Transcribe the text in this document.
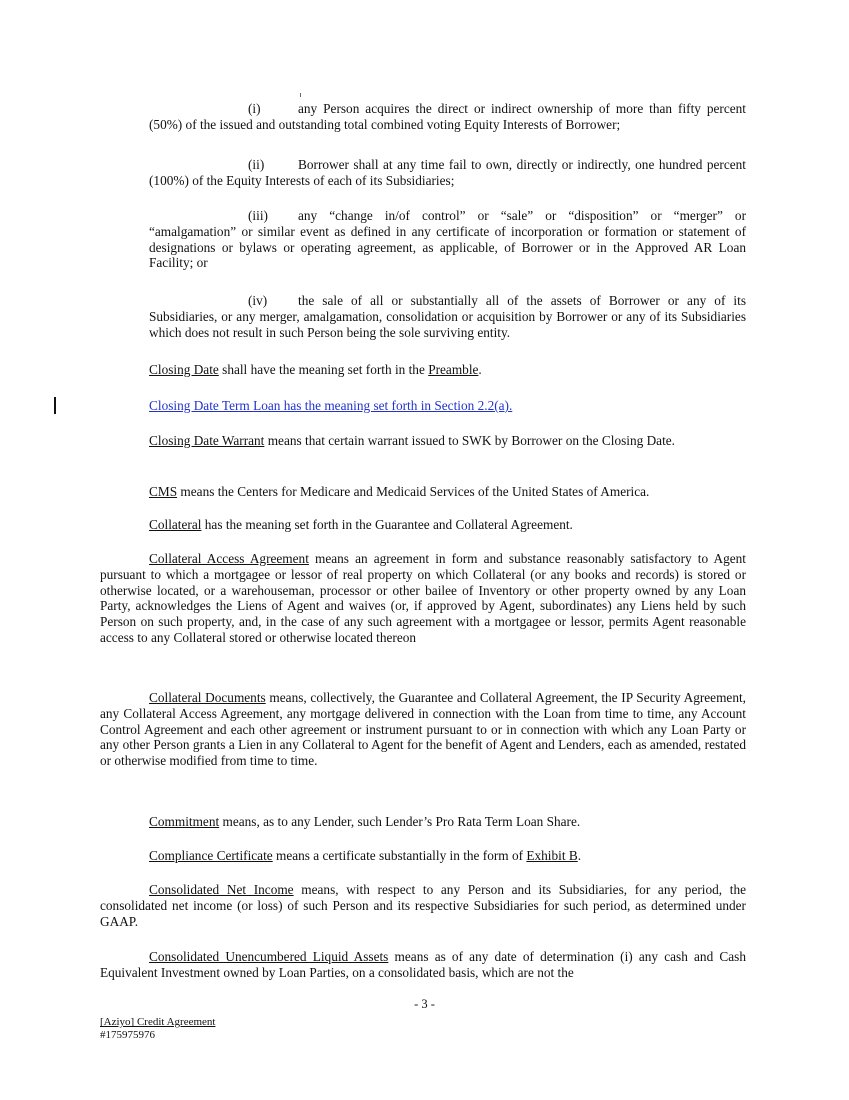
(i)	any Person acquires the direct or indirect ownership of more than fifty percent (50%) of the issued and outstanding total combined voting Equity Interests of Borrower;

(ii)	Borrower shall at any time fail to own, directly or indirectly, one hundred percent (100%) of the Equity Interests of each of its Subsidiaries;

(iii) any “change in/of control” or “sale” or “disposition” or “merger” or “amalgamation” or similar event as defined in any certificate of incorporation or formation or statement of designations or bylaws or operating agreement, as applicable, of Borrower or in the Approved AR Loan Facility; or

(iv) the sale of all or substantially all of the assets of Borrower or any of its Subsidiaries, or any merger, amalgamation, consolidation or acquisition by Borrower or any of its Subsidiaries which does not result in such Person being the sole surviving entity.

Closing Date shall have the meaning set forth in the Preamble.

Closing Date Term Loan has the meaning set forth in Section 2.2(a).

Closing Date Warrant means that certain warrant issued to SWK by Borrower on the Closing Date.

CMS means the Centers for Medicare and Medicaid Services of the United States of America.

Collateral has the meaning set forth in the Guarantee and Collateral Agreement.

Collateral Access Agreement means an agreement in form and substance reasonably satisfactory to Agent pursuant to which a mortgagee or lessor of real property on which Collateral (or any books and records) is stored or otherwise located, or a warehouseman, processor or other bailee of Inventory or other property owned by any Loan Party, acknowledges the Liens of Agent and waives (or, if approved by Agent, subordinates) any Liens held by such Person on such property, and, in the case of any such agreement with a mortgagee or lessor, permits Agent reasonable access to any Collateral stored or otherwise located thereon

Collateral Documents means, collectively, the Guarantee and Collateral Agreement, the IP Security Agreement, any Collateral Access Agreement, any mortgage delivered in connection with the Loan from time to time, any Account Control Agreement and each other agreement or instrument pursuant to or in connection with which any Loan Party or any other Person grants a Lien in any Collateral to Agent for the benefit of Agent and Lenders, each as amended, restated or otherwise modified from time to time.

Commitment means, as to any Lender, such Lender’s Pro Rata Term Loan Share.

Compliance Certificate means a certificate substantially in the form of Exhibit B.

Consolidated Net Income means, with respect to any Person and its Subsidiaries, for any period, the consolidated net income (or loss) of such Person and its respective Subsidiaries for such period, as determined under GAAP.

Consolidated Unencumbered Liquid Assets means as of any date of determination (i) any cash and Cash Equivalent Investment owned by Loan Parties, on a consolidated basis, which are not the

- 3 -
[Aziyo] Credit Agreement
#175975976
